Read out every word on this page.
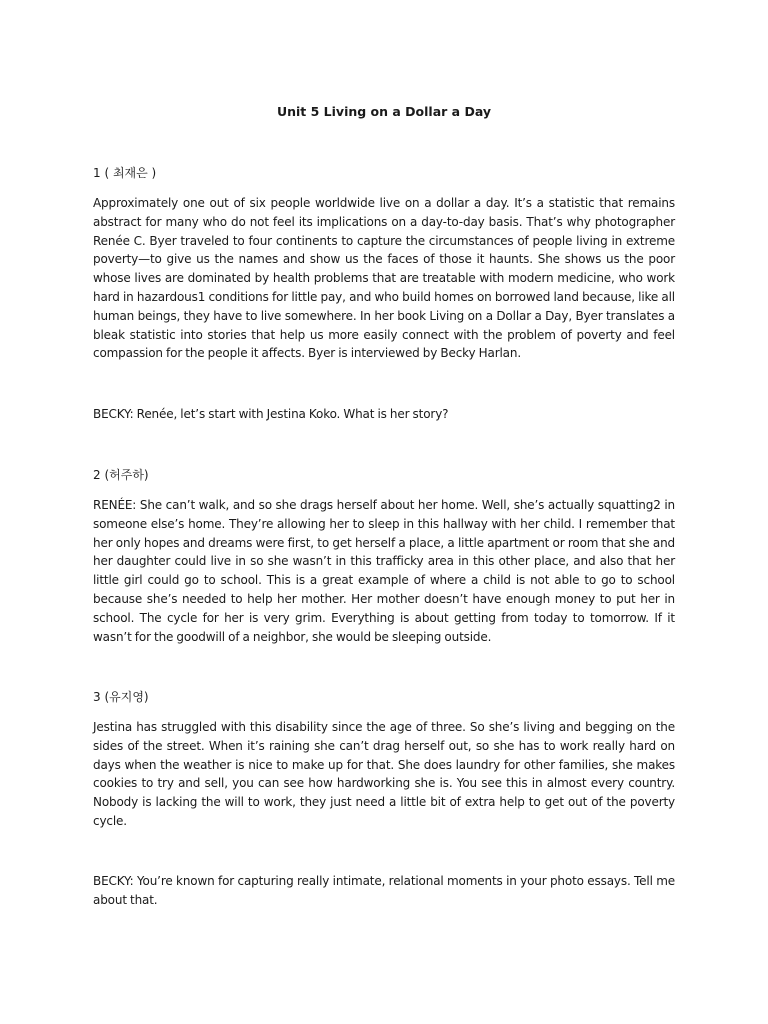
Unit 5 Living on a Dollar a Day
1 ( 최재은 )

Approximately one out of six people worldwide live on a dollar a day. It’s a statistic that remains abstract for many who do not feel its implications on a day-to-day basis. That’s why photographer Renée C. Byer traveled to four continents to capture the circumstances of people living in extreme poverty—to give us the names and show us the faces of those it haunts. She shows us the poor whose lives are dominated by health problems that are treatable with modern medicine, who work hard in hazardous1 conditions for little pay, and who build homes on borrowed land because, like all human beings, they have to live somewhere. In her book Living on a Dollar a Day, Byer translates a bleak statistic into stories that help us more easily connect with the problem of poverty and feel compassion for the people it affects. Byer is interviewed by Becky Harlan.

BECKY: Renée, let’s start with Jestina Koko. What is her story?

2 (허주하)

RENÉE: She can’t walk, and so she drags herself about her home. Well, she’s actually squatting2 in someone else’s home. They’re allowing her to sleep in this hallway with her child. I remember that her only hopes and dreams were first, to get herself a place, a little apartment or room that she and her daughter could live in so she wasn’t in this trafficky area in this other place, and also that her little girl could go to school. This is a great example of where a child is not able to go to school because she’s needed to help her mother. Her mother doesn’t have enough money to put her in school. The cycle for her is very grim. Everything is about getting from today to tomorrow. If it wasn’t for the goodwill of a neighbor, she would be sleeping outside.

3 (유지영)

Jestina has struggled with this disability since the age of three. So she’s living and begging on the sides of the street. When it’s raining she can’t drag herself out, so she has to work really hard on days when the weather is nice to make up for that. She does laundry for other families, she makes cookies to try and sell, you can see how hardworking she is. You see this in almost every country. Nobody is lacking the will to work, they just need a little bit of extra help to get out of the poverty cycle.

BECKY: You’re known for capturing really intimate, relational moments in your photo essays. Tell me about that.
